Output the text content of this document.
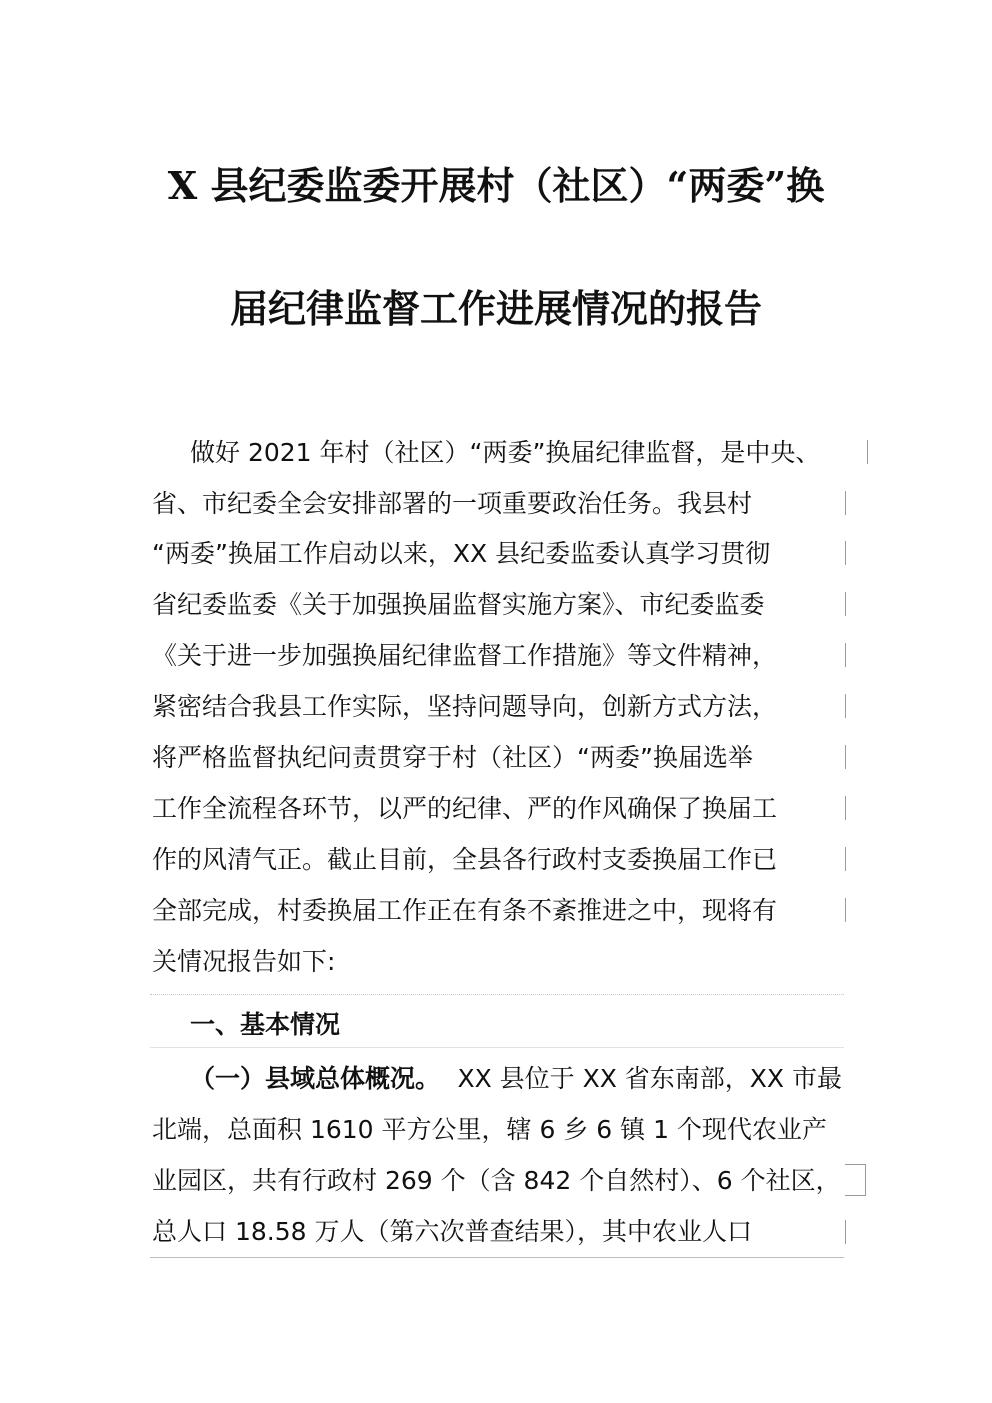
X 县纪委监委开展村（社区）“两委”换
届纪律监督工作进展情况的报告
做好 2021 年村（社区）“两委”换届纪律监督，是中央、
省、市纪委全会安排部署的一项重要政治任务。我县村
“两委”换届工作启动以来，XX 县纪委监委认真学习贯彻
省纪委监委《关于加强换届监督实施方案》、市纪委监委
《关于进一步加强换届纪律监督工作措施》等文件精神，
紧密结合我县工作实际，坚持问题导向，创新方式方法，
将严格监督执纪问责贯穿于村（社区）“两委”换届选举
工作全流程各环节，以严的纪律、严的作风确保了换届工
作的风清气正。截止目前，全县各行政村支委换届工作已
全部完成，村委换届工作正在有条不紊推进之中，现将有
关情况报告如下:
一、基本情况
（一）县域总体概况。 XX 县位于 XX 省东南部，XX 市最
北端，总面积 1610 平方公里，辖 6 乡 6 镇 1 个现代农业产
业园区，共有行政村 269 个（含 842 个自然村）、6 个社区，
总人口 18.58 万人（第六次普查结果），其中农业人口
